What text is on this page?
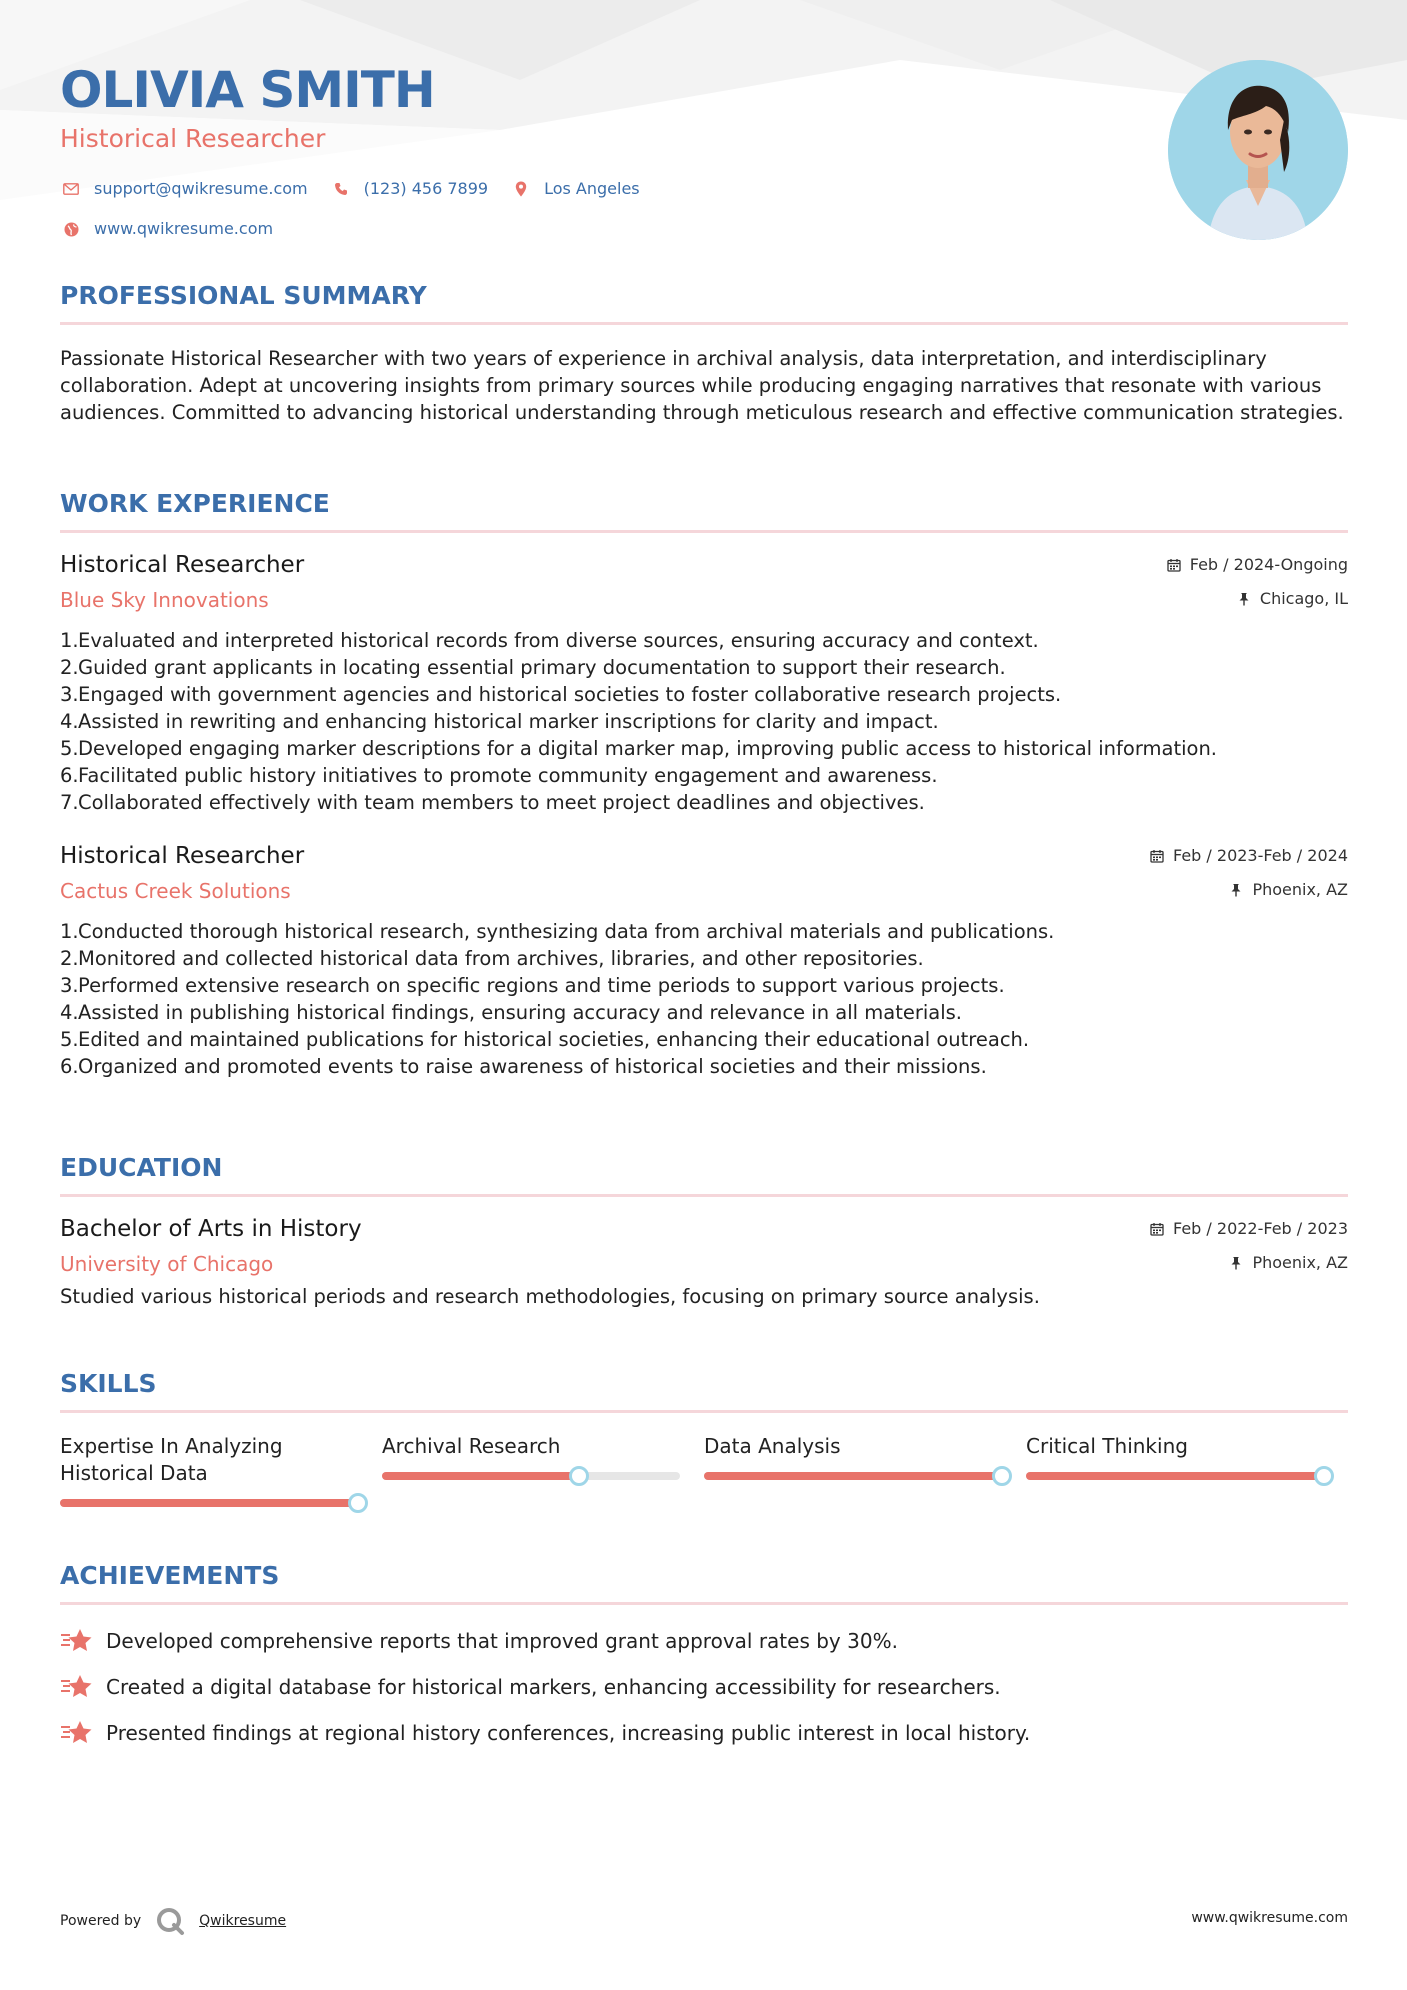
OLIVIA SMITH
Historical Researcher
support@qwikresume.com	(123) 456 7899	Los Angeles
www.qwikresume.com
PROFESSIONAL SUMMARY

Passionate Historical Researcher with two years of experience in archival analysis, data interpretation, and interdisciplinary collaboration. Adept at uncovering insights from primary sources while producing engaging narratives that resonate with various audiences. Committed to advancing historical understanding through meticulous research and effective communication strategies.

WORK EXPERIENCE
Historical Researcher	Feb / 2024-Ongoing
Blue Sky Innovations	Chicago, IL
1. Evaluated and interpreted historical records from diverse sources, ensuring accuracy and context.
2. Guided grant applicants in locating essential primary documentation to support their research.
3. Engaged with government agencies and historical societies to foster collaborative research projects.
4. Assisted in rewriting and enhancing historical marker inscriptions for clarity and impact.
5. Developed engaging marker descriptions for a digital marker map, improving public access to historical information.
6. Facilitated public history initiatives to promote community engagement and awareness.
7. Collaborated effectively with team members to meet project deadlines and objectives.
Historical Researcher	Feb / 2023-Feb / 2024
Cactus Creek Solutions	Phoenix, AZ
1. Conducted thorough historical research, synthesizing data from archival materials and publications.
2. Monitored and collected historical data from archives, libraries, and other repositories.
3. Performed extensive research on specific regions and time periods to support various projects.
4. Assisted in publishing historical findings, ensuring accuracy and relevance in all materials.
5. Edited and maintained publications for historical societies, enhancing their educational outreach.
6. Organized and promoted events to raise awareness of historical societies and their missions.
EDUCATION
Bachelor of Arts in History	Feb / 2022-Feb / 2023
University of Chicago	Phoenix, AZ

Studied various historical periods and research methodologies, focusing on primary source analysis.

SKILLS
Expertise In Analyzing Historical Data
Archival Research	Data Analysis	Critical Thinking
ACHIEVEMENTS
Developed comprehensive reports that improved grant approval rates by 30%.
Created a digital database for historical markers, enhancing accessibility for researchers.
Presented findings at regional history conferences, increasing public interest in local history.
Powered by	Qwikresume	www.qwikresume.com
